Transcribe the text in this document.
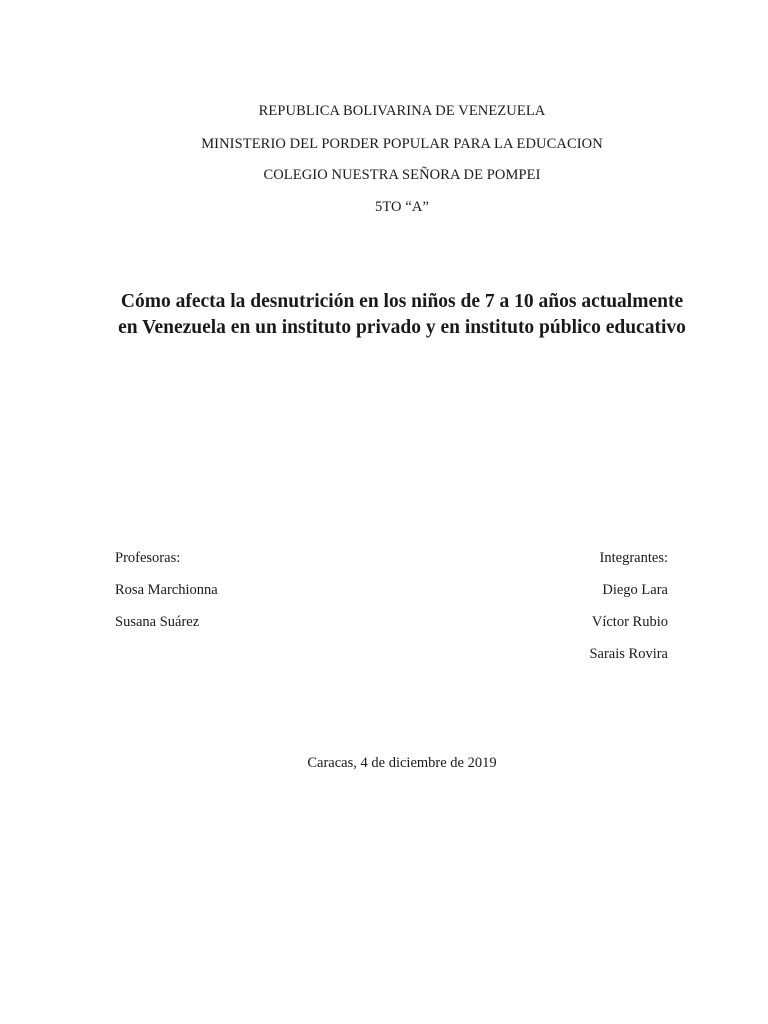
REPUBLICA BOLIVARINA DE VENEZUELA
MINISTERIO DEL PORDER POPULAR PARA LA EDUCACION
COLEGIO NUESTRA SEÑORA DE POMPEI
5TO “A”
Cómo afecta la desnutrición en los niños de 7 a 10 años actualmente en Venezuela en un instituto privado y en instituto público educativo
Profesoras:
Rosa Marchionna
Susana Suárez
Integrantes:
Diego Lara
Víctor Rubio
Sarais Rovira
Caracas, 4 de diciembre de 2019
